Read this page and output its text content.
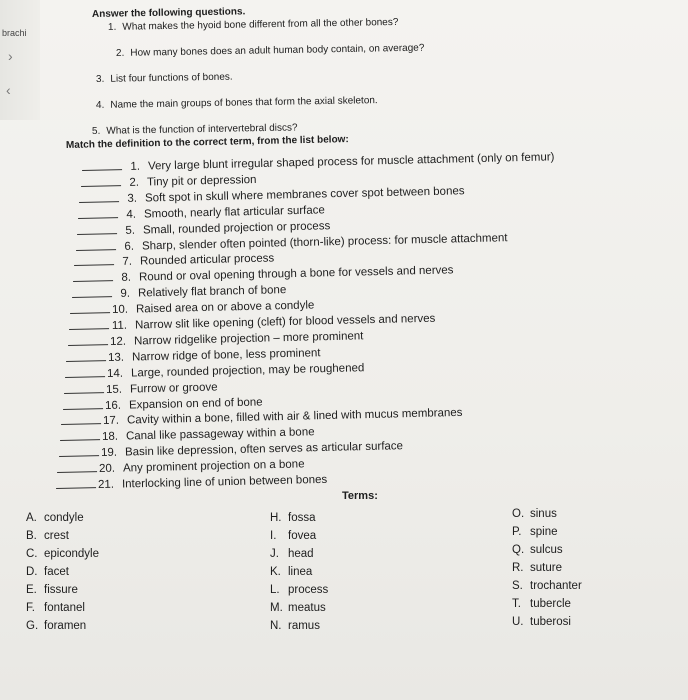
brachi
›
‹
Answer the following questions.
1. What makes the hyoid bone different from all the other bones?
2. How many bones does an adult human body contain, on average?
3. List four functions of bones.
4. Name the main groups of bones that form the axial skeleton.
5. What is the function of intervertebral discs?
Match the definition to the correct term, from the list below:
1. Very large blunt irregular shaped process for muscle attachment (only on femur)
2. Tiny pit or depression
3. Soft spot in skull where membranes cover spot between bones
4. Smooth, nearly flat articular surface
5. Small, rounded projection or process
6. Sharp, slender often pointed (thorn-like) process: for muscle attachment
7. Rounded articular process
8. Round or oval opening through a bone for vessels and nerves
9. Relatively flat branch of bone
10. Raised area on or above a condyle
11. Narrow slit like opening (cleft) for blood vessels and nerves
12. Narrow ridgelike projection – more prominent
13. Narrow ridge of bone, less prominent
14. Large, rounded projection, may be roughened
15. Furrow or groove
16. Expansion on end of bone
17. Cavity within a bone, filled with air & lined with mucus membranes
18. Canal like passageway within a bone
19. Basin like depression, often serves as articular surface
20. Any prominent projection on a bone
21. Interlocking line of union between bones
Terms:
A. condyle
B. crest
C. epicondyle
D. facet
E. fissure
F. fontanel
G. foramen
H. fossa
I. fovea
J. head
K. linea
L. process
M. meatus
N. ramus
O. sinus
P. spine
Q. sulcus
R. suture
S. trochanter
T. tubercle
U. tuberosi
